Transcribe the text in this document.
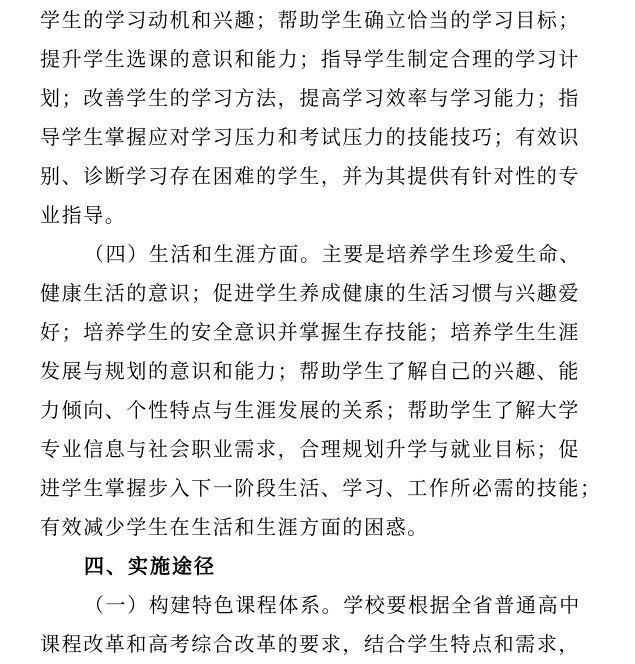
学生的学习动机和兴趣；帮助学生确立恰当的学习目标；
提升学生选课的意识和能力；指导学生制定合理的学习计
划；改善学生的学习方法，提高学习效率与学习能力；指
导学生掌握应对学习压力和考试压力的技能技巧；有效识
别、诊断学习存在困难的学生，并为其提供有针对性的专
业指导。
（四）生活和生涯方面。主要是培养学生珍爱生命、
健康生活的意识；促进学生养成健康的生活习惯与兴趣爱
好；培养学生的安全意识并掌握生存技能；培养学生生涯
发展与规划的意识和能力；帮助学生了解自己的兴趣、能
力倾向、个性特点与生涯发展的关系；帮助学生了解大学
专业信息与社会职业需求，合理规划升学与就业目标；促
进学生掌握步入下一阶段生活、学习、工作所必需的技能；
有效减少学生在生活和生涯方面的困惑。
四、实施途径
（一）构建特色课程体系。学校要根据全省普通高中
课程改革和高考综合改革的要求，结合学生特点和需求，
